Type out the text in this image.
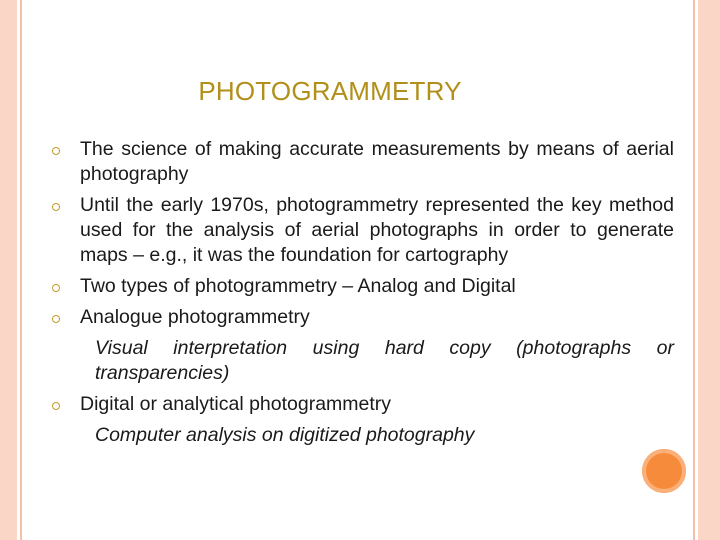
PHOTOGRAMMETRY
The science of making accurate measurements by means of aerial photography
Until the early 1970s, photogrammetry represented the key method used for the analysis of aerial photographs in order to generate maps – e.g., it was the foundation for cartography
Two types of photogrammetry – Analog and Digital
Analogue photogrammetry
Visual interpretation using hard copy (photographs or transparencies)
Digital or analytical photogrammetry
Computer analysis on digitized photography
